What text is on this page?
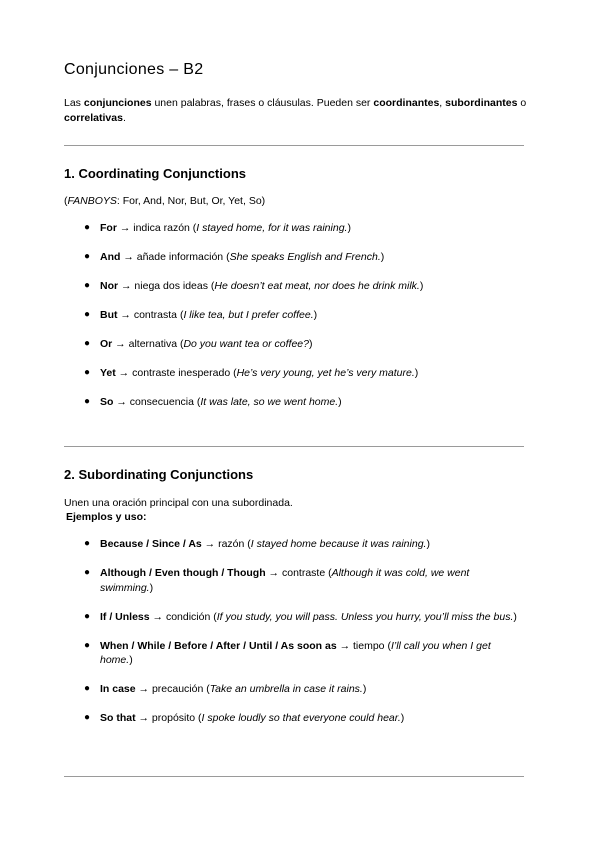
Conjunciones – B2
Las conjunciones unen palabras, frases o cláusulas. Pueden ser coordinantes, subordinantes o correlativas.
1. Coordinating Conjunctions
(FANBOYS: For, And, Nor, But, Or, Yet, So)
● For → indica razón (I stayed home, for it was raining.)
● And → añade información (She speaks English and French.)
● Nor → niega dos ideas (He doesn’t eat meat, nor does he drink milk.)
● But → contrasta (I like tea, but I prefer coffee.)
● Or → alternativa (Do you want tea or coffee?)
● Yet → contraste inesperado (He’s very young, yet he’s very mature.)
● So → consecuencia (It was late, so we went home.)
2. Subordinating Conjunctions
Unen una oración principal con una subordinada.
Ejemplos y uso:
● Because / Since / As → razón (I stayed home because it was raining.)
● Although / Even though / Though → contraste (Although it was cold, we went swimming.)
● If / Unless → condición (If you study, you will pass. Unless you hurry, you’ll miss the bus.)
● When / While / Before / After / Until / As soon as → tiempo (I’ll call you when I get home.)
● In case → precaución (Take an umbrella in case it rains.)
● So that → propósito (I spoke loudly so that everyone could hear.)
